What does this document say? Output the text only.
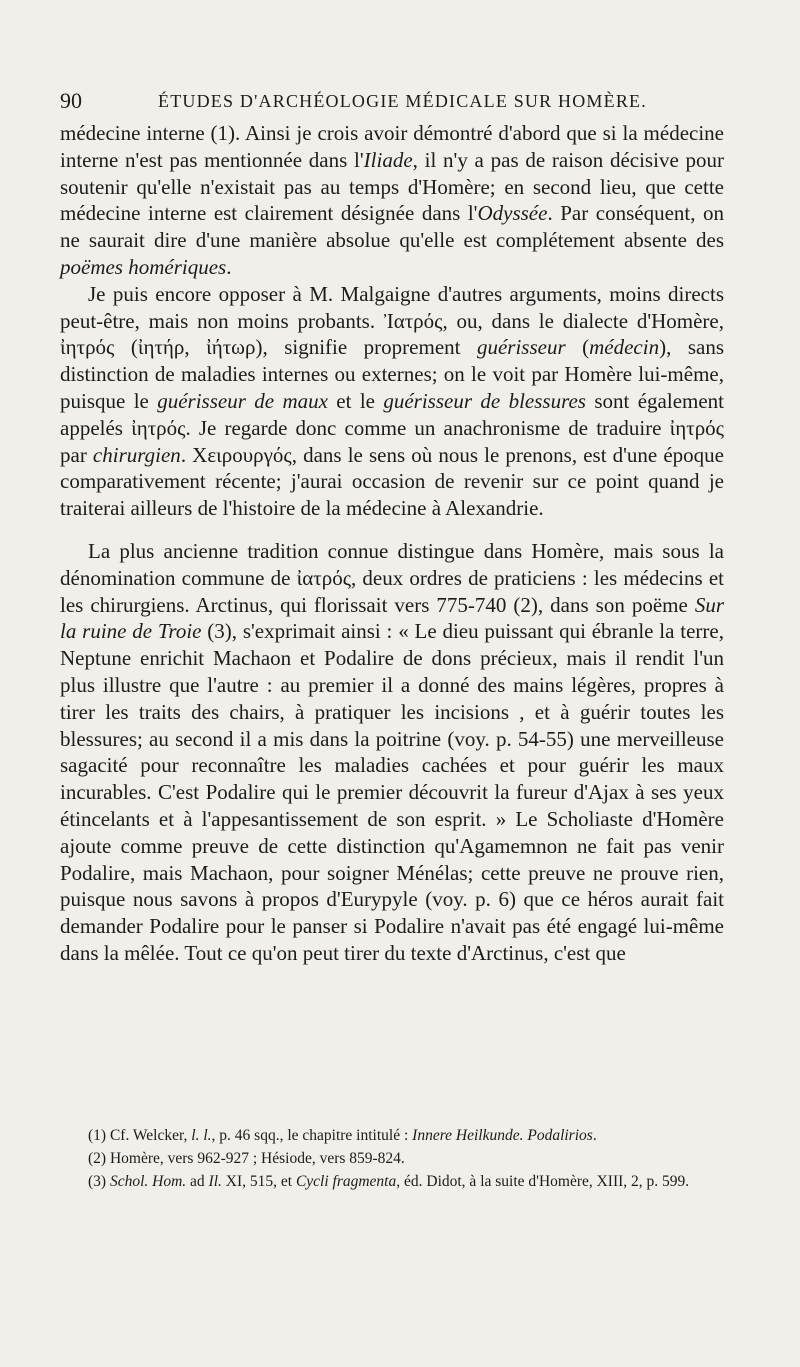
90	ÉTUDES D'ARCHÉOLOGIE MÉDICALE SUR HOMÈRE.

médecine interne (1). Ainsi je crois avoir démontré d'abord que si la médecine interne n'est pas mentionnée dans l'Iliade, il n'y a pas de raison décisive pour soutenir qu'elle n'existait pas au temps d'Homère; en second lieu, que cette médecine interne est clairement désignée dans l'Odyssée. Par conséquent, on ne saurait dire d'une manière absolue qu'elle est complétement absente des poëmes homériques.

Je puis encore opposer à M. Malgaigne d'autres arguments, moins directs peut-être, mais non moins probants. Ἰατρός, ou, dans le dialecte d'Homère, ἰητρός (ἰητήρ, ἰήτωρ), signifie proprement guérisseur (médecin), sans distinction de maladies internes ou externes; on le voit par Homère lui-même, puisque le guérisseur de maux et le guérisseur de blessures sont également appelés ἰητρός. Je regarde donc comme un anachronisme de traduire ἰητρός par chirurgien. Χειρουργός, dans le sens où nous le prenons, est d'une époque comparativement récente; j'aurai occasion de revenir sur ce point quand je traiterai ailleurs de l'histoire de la médecine à Alexandrie.

La plus ancienne tradition connue distingue dans Homère, mais sous la dénomination commune de ἰατρός, deux ordres de praticiens : les médecins et les chirurgiens. Arctinus, qui florissait vers 775-740 (2), dans son poëme Sur la ruine de Troie (3), s'exprimait ainsi : « Le dieu puissant qui ébranle la terre, Neptune enrichit Machaon et Podalire de dons précieux, mais il rendit l'un plus illustre que l'autre : au premier il a donné des mains légères, propres à tirer les traits des chairs, à pratiquer les incisions , et à guérir toutes les blessures; au second il a mis dans la poitrine (voy. p. 54-55) une merveilleuse sagacité pour reconnaître les maladies cachées et pour guérir les maux incurables. C'est Podalire qui le premier découvrit la fureur d'Ajax à ses yeux étincelants et à l'appesantissement de son esprit. » Le Scholiaste d'Homère ajoute comme preuve de cette distinction qu'Agamemnon ne fait pas venir Podalire, mais Machaon, pour soigner Ménélas; cette preuve ne prouve rien, puisque nous savons à propos d'Eurypyle (voy. p. 6) que ce héros aurait fait demander Podalire pour le panser si Podalire n'avait pas été engagé lui-même dans la mêlée. Tout ce qu'on peut tirer du texte d'Arctinus, c'est que

(1) Cf. Welcker, l. l., p. 46 sqq., le chapitre intitulé : Innere Heilkunde. Podalirios.

(2) Homère, vers 962-927 ; Hésiode, vers 859-824.

(3) Schol. Hom. ad Il. XI, 515, et Cycli fragmenta, éd. Didot, à la suite d'Homère, XIII, 2, p. 599.
